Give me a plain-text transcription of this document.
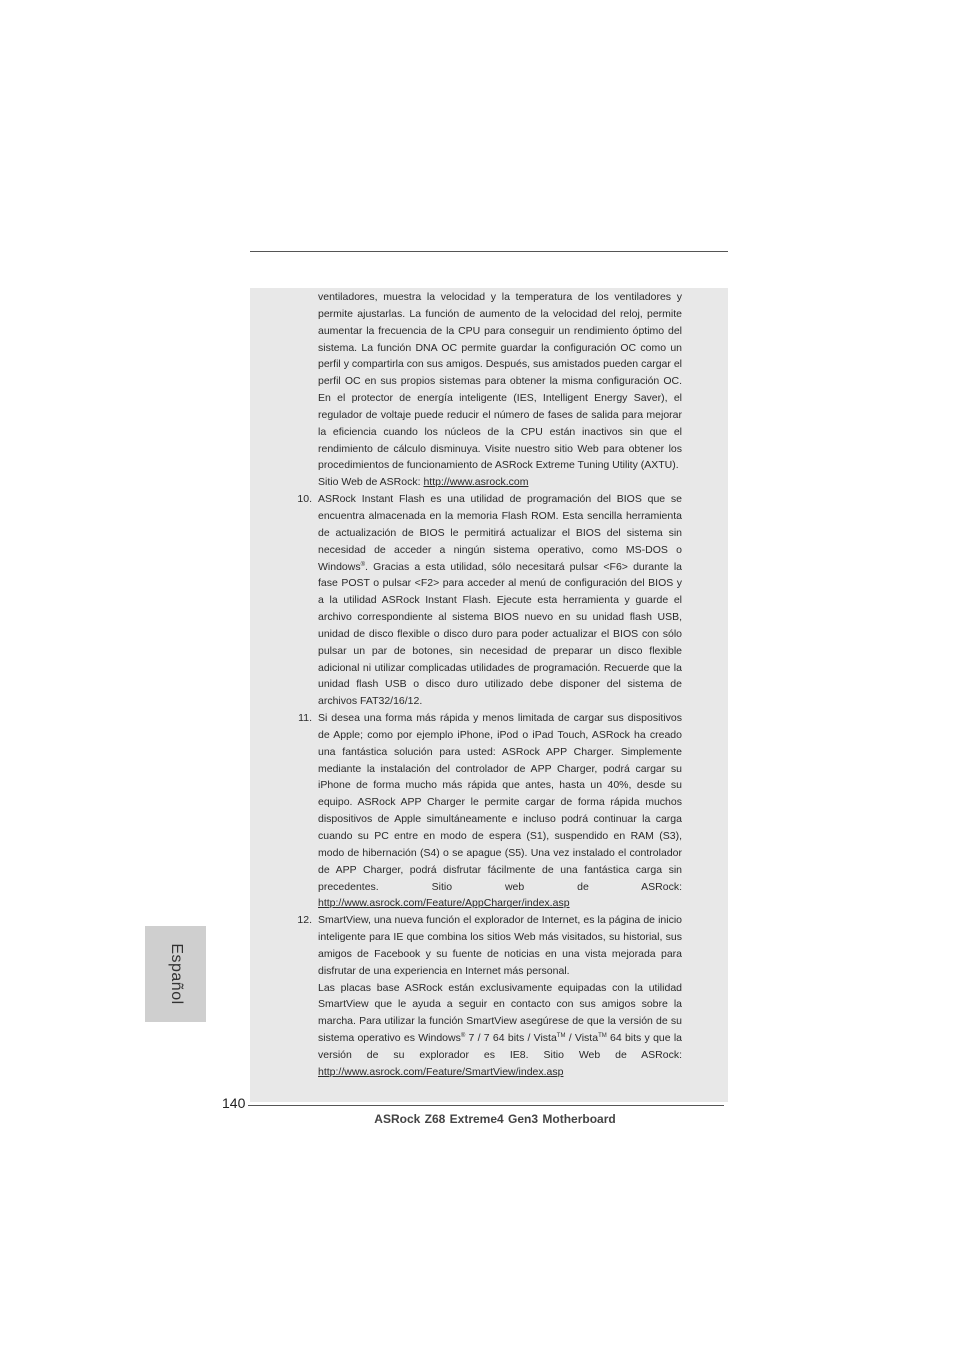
ventiladores, muestra la velocidad y la temperatura de los ventiladores y permite ajustarlas. La función de aumento de la velocidad del reloj, permite aumentar la frecuencia de la CPU para conseguir un rendimiento óptimo del sistema. La función DNA OC permite guardar la configuración OC como un perfil y compartirla con sus amigos. Después, sus amistados pueden cargar el perfil OC en sus propios sistemas para obtener la misma configuración OC. En el protector de energía inteligente (IES, Intelligent Energy Saver), el regulador de voltaje puede reducir el número de fases de salida para mejorar la eficiencia cuando los núcleos de la CPU están inactivos sin que el rendimiento de cálculo disminuya. Visite nuestro sitio Web para obtener los procedimientos de funcionamiento de ASRock Extreme Tuning Utility (AXTU).
Sitio Web de ASRock: http://www.asrock.com

10. ASRock Instant Flash es una utilidad de programación del BIOS que se encuentra almacenada en la memoria Flash ROM. Esta sencilla herramienta de actualización de BIOS le permitirá actualizar el BIOS del sistema sin necesidad de acceder a ningún sistema operativo, como MS-DOS o Windows®. Gracias a esta utilidad, sólo necesitará pulsar <F6> durante la fase POST o pulsar <F2> para acceder al menú de configuración del BIOS y a la utilidad ASRock Instant Flash. Ejecute esta herramienta y guarde el archivo correspondiente al sistema BIOS nuevo en su unidad flash USB, unidad de disco flexible o disco duro para poder actualizar el BIOS con sólo pulsar un par de botones, sin necesidad de preparar un disco flexible adicional ni utilizar complicadas utilidades de programación. Recuerde que la unidad flash USB o disco duro utilizado debe disponer del sistema de archivos FAT32/16/12.

11. Si desea una forma más rápida y menos limitada de cargar sus dispositivos de Apple; como por ejemplo iPhone, iPod o iPad Touch, ASRock ha creado una fantástica solución para usted: ASRock APP Charger. Simplemente mediante la instalación del controlador de APP Charger, podrá cargar su iPhone de forma mucho más rápida que antes, hasta un 40%, desde su equipo. ASRock APP Charger le permite cargar de forma rápida muchos dispositivos de Apple simultáneamente e incluso podrá continuar la carga cuando su PC entre en modo de espera (S1), suspendido en RAM (S3), modo de hibernación (S4) o se apague (S5). Una vez instalado el controlador de APP Charger, podrá disfrutar fácilmente de una fantástica carga sin precedentes. Sitio web de ASRock: http://www.asrock.com/Feature/AppCharger/index.asp

12. SmartView, una nueva función el explorador de Internet, es la página de inicio inteligente para IE que combina los sitios Web más visitados, su historial, sus amigos de Facebook y su fuente de noticias en una vista mejorada para disfrutar de una experiencia en Internet más personal.

Las placas base ASRock están exclusivamente equipadas con la utilidad SmartView que le ayuda a seguir en contacto con sus amigos sobre la marcha. Para utilizar la función SmartView asegúrese de que la versión de su sistema operativo es Windows® 7 / 7 64 bits / Vista™ / Vista™ 64 bits y que la versión de su explorador es IE8. Sitio Web de ASRock: http://www.asrock.com/Feature/SmartView/index.asp

Español
140
ASRock Z68 Extreme4 Gen3 Motherboard
